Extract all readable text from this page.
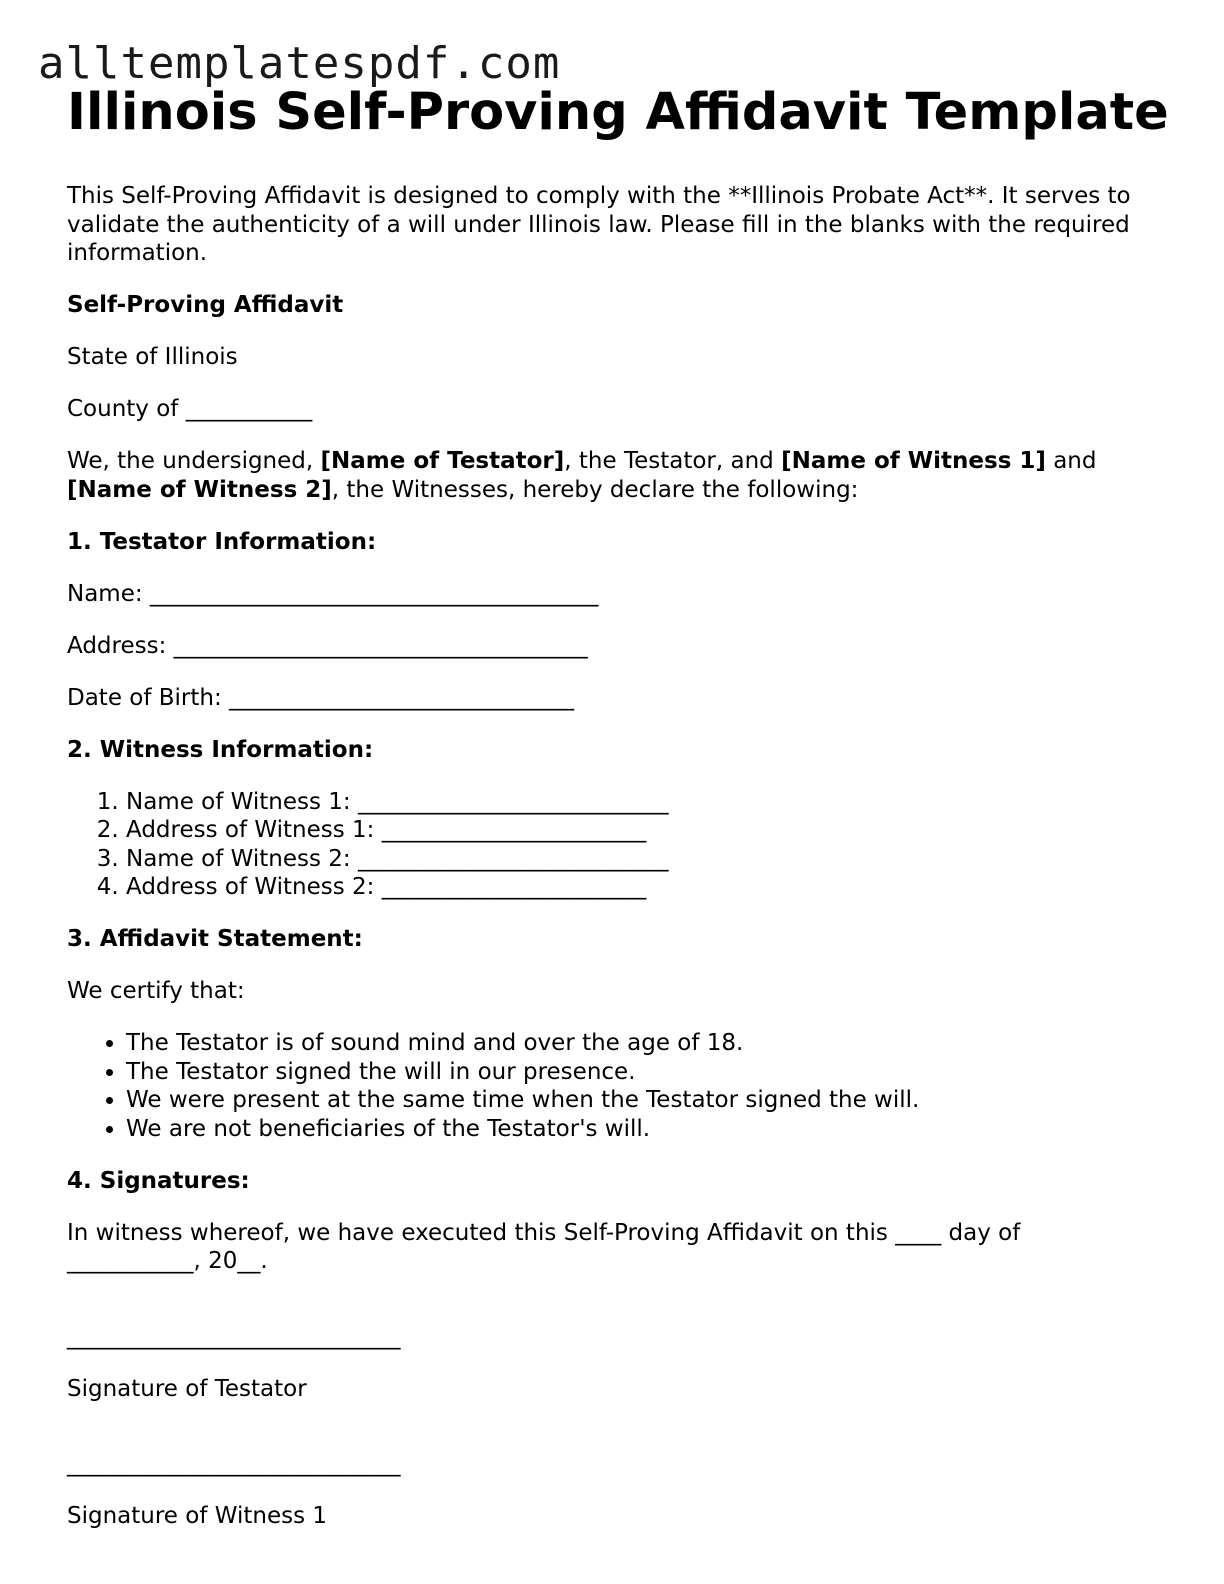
alltemplatespdf.com
Illinois Self-Proving Affidavit Template

This Self-Proving Affidavit is designed to comply with the **Illinois Probate Act**. It serves to validate the authenticity of a will under Illinois law. Please fill in the blanks with the required information.

Self-Proving Affidavit

State of Illinois

County of ___________

We, the undersigned, [Name of Testator], the Testator, and [Name of Witness 1] and [Name of Witness 2], the Witnesses, hereby declare the following:

1. Testator Information:

Name: _______________________________________

Address: ____________________________________

Date of Birth: ______________________________

2. Witness Information:

1. Name of Witness 1: ___________________________
2. Address of Witness 1: _______________________
3. Name of Witness 2: ___________________________
4. Address of Witness 2: _______________________

3. Affidavit Statement:

We certify that:

• The Testator is of sound mind and over the age of 18.
• The Testator signed the will in our presence.
• We were present at the same time when the Testator signed the will.
• We are not beneficiaries of the Testator's will.

4. Signatures:

In witness whereof, we have executed this Self-Proving Affidavit on this ____ day of ___________, 20__.

_____________________________

Signature of Testator

_____________________________

Signature of Witness 1
